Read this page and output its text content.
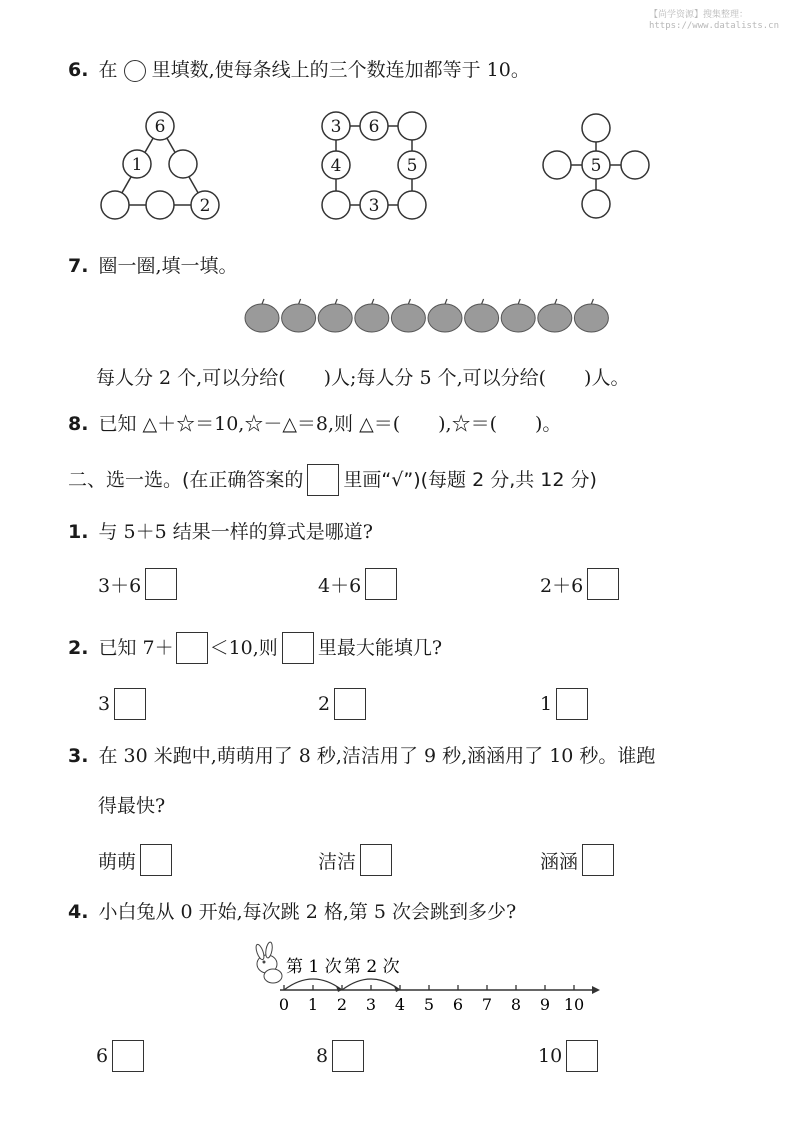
【尚学资源】搜集整理：
https://www.datalists.cn
6. 在 里填数,使每条线上的三个数连加都等于 10。
6
1
2
3 6
4	5
3
5
7. 圈一圈,填一填。
每人分 2 个,可以分给(　　)人;每人分 5 个,可以分给(　　)人。
8. 已知 △＋☆＝10,☆－△＝8,则 △＝(　　),☆＝(　　)。
二、选一选。(在正确答案的 里画“√”)(每题 2 分,共 12 分)
1. 与 5＋5 结果一样的算式是哪道?
3＋6	4＋6	2＋6
2. 已知 7＋ ＜10,则 里最大能填几?
3	2	1
3. 在 30 米跑中,萌萌用了 8 秒,洁洁用了 9 秒,涵涵用了 10 秒。谁跑
得最快?
萌萌	洁洁	涵涵
4. 小白兔从 0 开始,每次跳 2 格,第 5 次会跳到多少?
第 1 次 第 2 次
0 1 2 3 4 5 6 7 8 9 10
6	8	10
